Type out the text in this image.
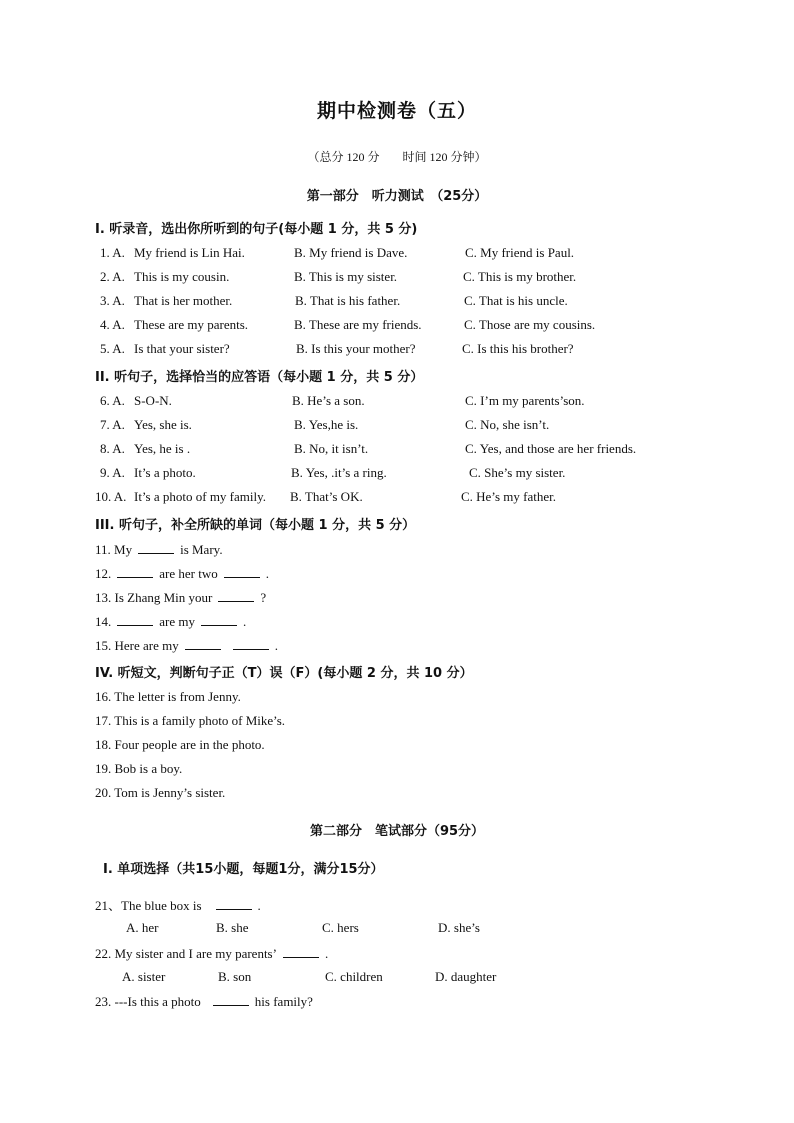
期中检测卷（五）
（总分 120 分 时间 120 分钟）
第一部分　听力测试　（25分）
I. 听录音，选出你所听到的句子(每小题 1 分，共 5 分)
1. A. My friend is Lin Hai.	B. My friend is Dave.	C. My friend is Paul.
2. A. This is my cousin.	B. This is my sister.	C. This is my brother.
3. A. That is her mother.	B. That is his father.	C. That is his uncle.
4. A. These are my parents.	B. These are my friends.	C. Those are my cousins.
5. A. Is that your sister?	B. Is this your mother?	C. Is this his brother?
II. 听句子，选择恰当的应答语（每小题 1 分，共 5 分）
6. A. S-O-N.	B. He’s a son.	C. I’m my parents’son.
7. A. Yes, she is.	B. Yes,he is.	C. No, she isn’t.
8. A. Yes, he is .	B. No, it isn’t.	C. Yes, and those are her friends.
9. A. It’s a photo.	B. Yes, .it’s a ring.	C. She’s my sister.
10. A. It’s a photo of my family. B. That’s OK.	C. He’s my father.
III. 听句子，补全所缺的单词（每小题 1 分，共 5 分）
11. My	is Mary.
12.	are her two	.
13. Is Zhang Min your	?
14.	are my	.
15. Here are my	.
IV. 听短文，判断句子正（T）误（F）(每小题 2 分，共 10 分）
16. The letter is from Jenny.
17. This is a family photo of Mike’s.
18. Four people are in the photo.
19. Bob is a boy.
20. Tom is Jenny’s sister.
第二部分　笔试部分（95分）
I. 单项选择（共15小题，每题1分，满分15分）
21、The blue box is	.
A. her	B. she	C. hers	D. she’s
22. My sister and I are my parents’	.
A. sister	B. son	C. children	D. daughter
23. ---Is this a photo	his family?
